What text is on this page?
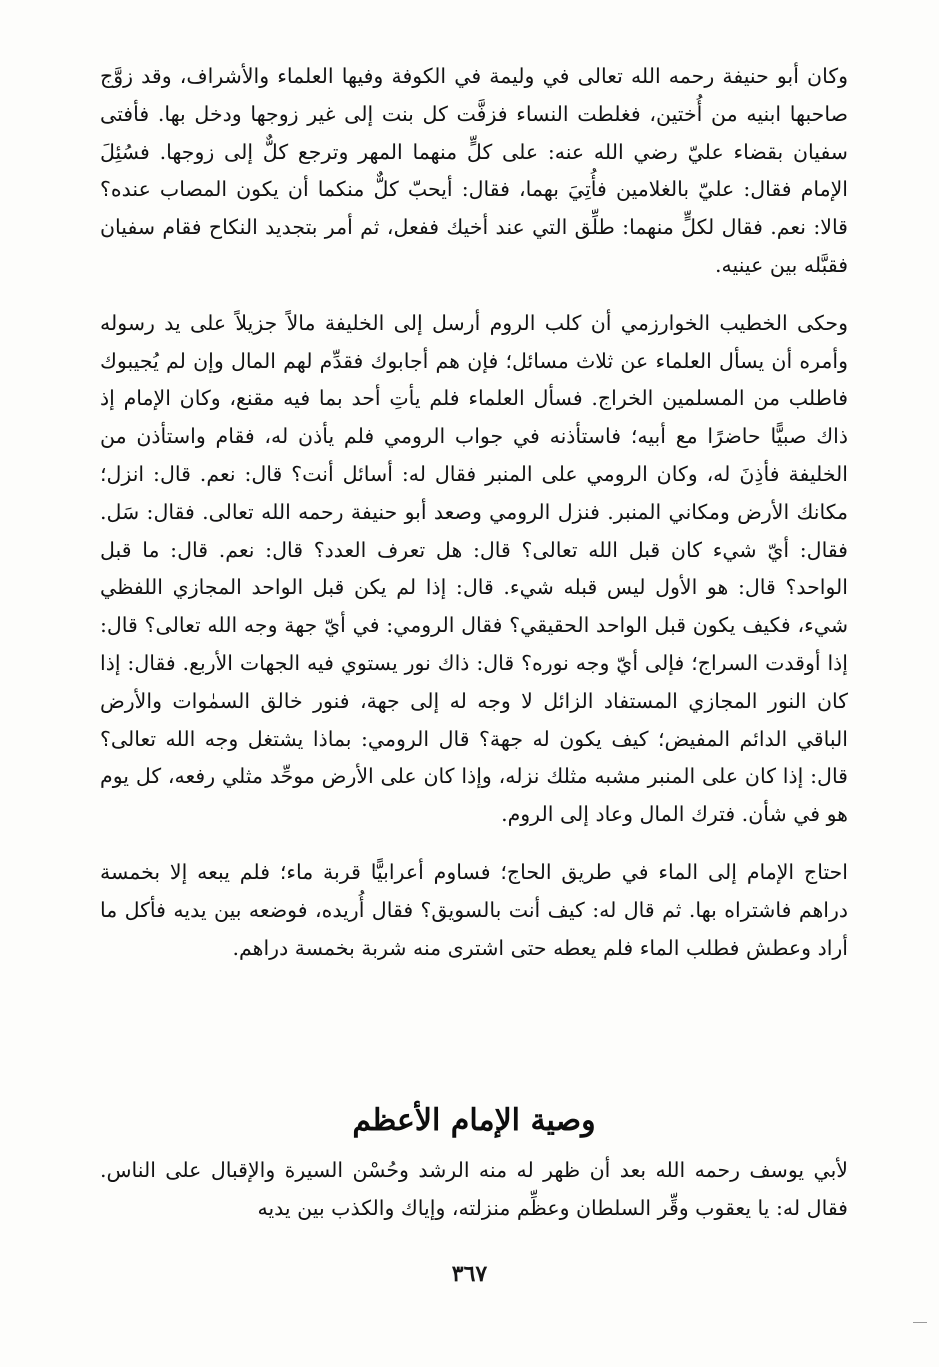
وكان أبو حنيفة رحمه الله تعالى في وليمة في الكوفة وفيها العلماء والأشراف، وقد زوَّج صاحبها ابنيه من أُختين، فغلطت النساء فزفَّت كل بنت إلى غير زوجها ودخل بها. فأفتى سفيان بقضاء عليّ رضي الله عنه: على كلٍّ منهما المهر وترجع كلٌّ إلى زوجها. فسُئِلَ الإمام فقال: عليّ بالغلامين فأُتِيَ بهما، فقال: أيحبّ كلٌّ منكما أن يكون المصاب عنده؟ قالا: نعم. فقال لكلٍّ منهما: طلِّق التي عند أخيك ففعل، ثم أمر بتجديد النكاح فقام سفيان فقبَّله بين عينيه.

وحكى الخطيب الخوارزمي أن كلب الروم أرسل إلى الخليفة مالاً جزيلاً على يد رسوله وأمره أن يسأل العلماء عن ثلاث مسائل؛ فإن هم أجابوك فقدِّم لهم المال وإن لم يُجيبوك فاطلب من المسلمين الخراج. فسأل العلماء فلم يأتِ أحد بما فيه مقنع، وكان الإمام إذ ذاك صبيًّا حاضرًا مع أبيه؛ فاستأذنه في جواب الرومي فلم يأذن له، فقام واستأذن من الخليفة فأذِنَ له، وكان الرومي على المنبر فقال له: أسائل أنت؟ قال: نعم. قال: انزل؛ مكانك الأرض ومكاني المنبر. فنزل الرومي وصعد أبو حنيفة رحمه الله تعالى. فقال: سَل. فقال: أيّ شيء كان قبل الله تعالى؟ قال: هل تعرف العدد؟ قال: نعم. قال: ما قبل الواحد؟ قال: هو الأول ليس قبله شيء. قال: إذا لم يكن قبل الواحد المجازي اللفظي شيء، فكيف يكون قبل الواحد الحقيقي؟ فقال الرومي: في أيّ جهة وجه الله تعالى؟ قال: إذا أوقدت السراج؛ فإلى أيّ وجه نوره؟ قال: ذاك نور يستوي فيه الجهات الأربع. فقال: إذا كان النور المجازي المستفاد الزائل لا وجه له إلى جهة، فنور خالق السمٰوات والأرض الباقي الدائم المفيض؛ كيف يكون له جهة؟ قال الرومي: بماذا يشتغل وجه الله تعالى؟ قال: إذا كان على المنبر مشبه مثلك نزله، وإذا كان على الأرض موحِّد مثلي رفعه، كل يوم هو في شأن. فترك المال وعاد إلى الروم.

احتاج الإمام إلى الماء في طريق الحاج؛ فساوم أعرابيًّا قربة ماء؛ فلم يبعه إلا بخمسة دراهم فاشتراه بها. ثم قال له: كيف أنت بالسويق؟ فقال أُريده، فوضعه بين يديه فأكل ما أراد وعطش فطلب الماء فلم يعطه حتى اشترى منه شربة بخمسة دراهم.

وصية الإمام الأعظم

لأبي يوسف رحمه الله بعد أن ظهر له منه الرشد وحُسْن السيرة والإقبال على الناس. فقال له: يا يعقوب وقِّر السلطان وعظِّم منزلته، وإياك والكذب بين يديه

٣٦٧
